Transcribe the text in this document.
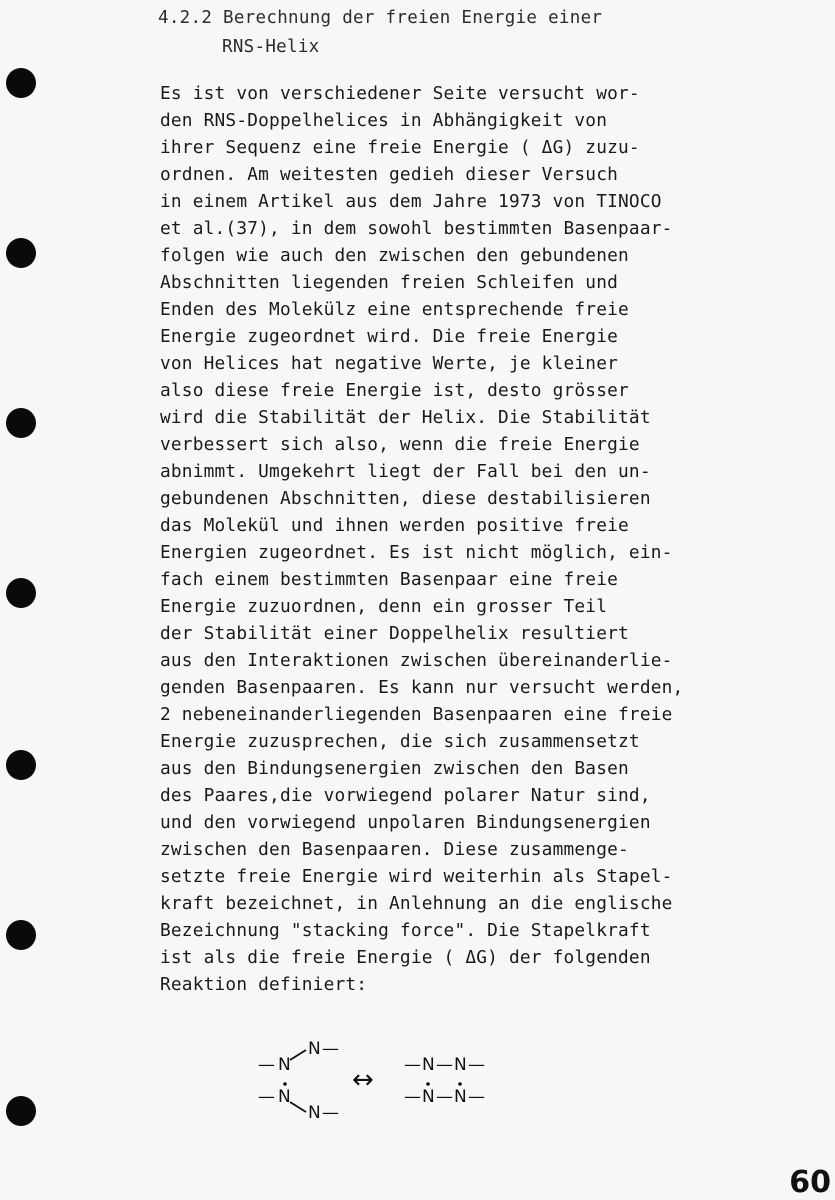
4.2.2 Berechnung der freien Energie einer
RNS-Helix
Es ist von verschiedener Seite versucht wor-
den RNS-Doppelhelices in Abhängigkeit von
ihrer Sequenz eine freie Energie ( ΔG) zuzu-
ordnen. Am weitesten gedieh dieser Versuch
in einem Artikel aus dem Jahre 1973 von TINOCO
et al.(37), in dem sowohl bestimmten Basenpaar-
folgen wie auch den zwischen den gebundenen
Abschnitten liegenden freien Schleifen und
Enden des Molekülz eine entsprechende freie
Energie zugeordnet wird. Die freie Energie
von Helices hat negative Werte, je kleiner
also diese freie Energie ist, desto grösser
wird die Stabilität der Helix. Die Stabilität
verbessert sich also, wenn die freie Energie
abnimmt. Umgekehrt liegt der Fall bei den un-
gebundenen Abschnitten, diese destabilisieren
das Molekül und ihnen werden positive freie
Energien zugeordnet. Es ist nicht möglich, ein-
fach einem bestimmten Basenpaar eine freie
Energie zuzuordnen, denn ein grosser Teil
der Stabilität einer Doppelhelix resultiert
aus den Interaktionen zwischen übereinanderlie-
genden Basenpaaren. Es kann nur versucht werden,
2 nebeneinanderliegenden Basenpaaren eine freie
Energie zuzusprechen, die sich zusammensetzt
aus den Bindungsenergien zwischen den Basen
des Paares,die vorwiegend polarer Natur sind,
und den vorwiegend unpolaren Bindungsenergien
zwischen den Basenpaaren. Diese zusammenge-
setzte freie Energie wird weiterhin als Stapel-
kraft bezeichnet, in Anlehnung an die englische
Bezeichnung "stacking force". Die Stapelkraft
ist als die freie Energie ( ΔG) der folgenden
Reaktion definiert:
— N
N —
— N
N —
↔ — N — N —
— N — N —
60
